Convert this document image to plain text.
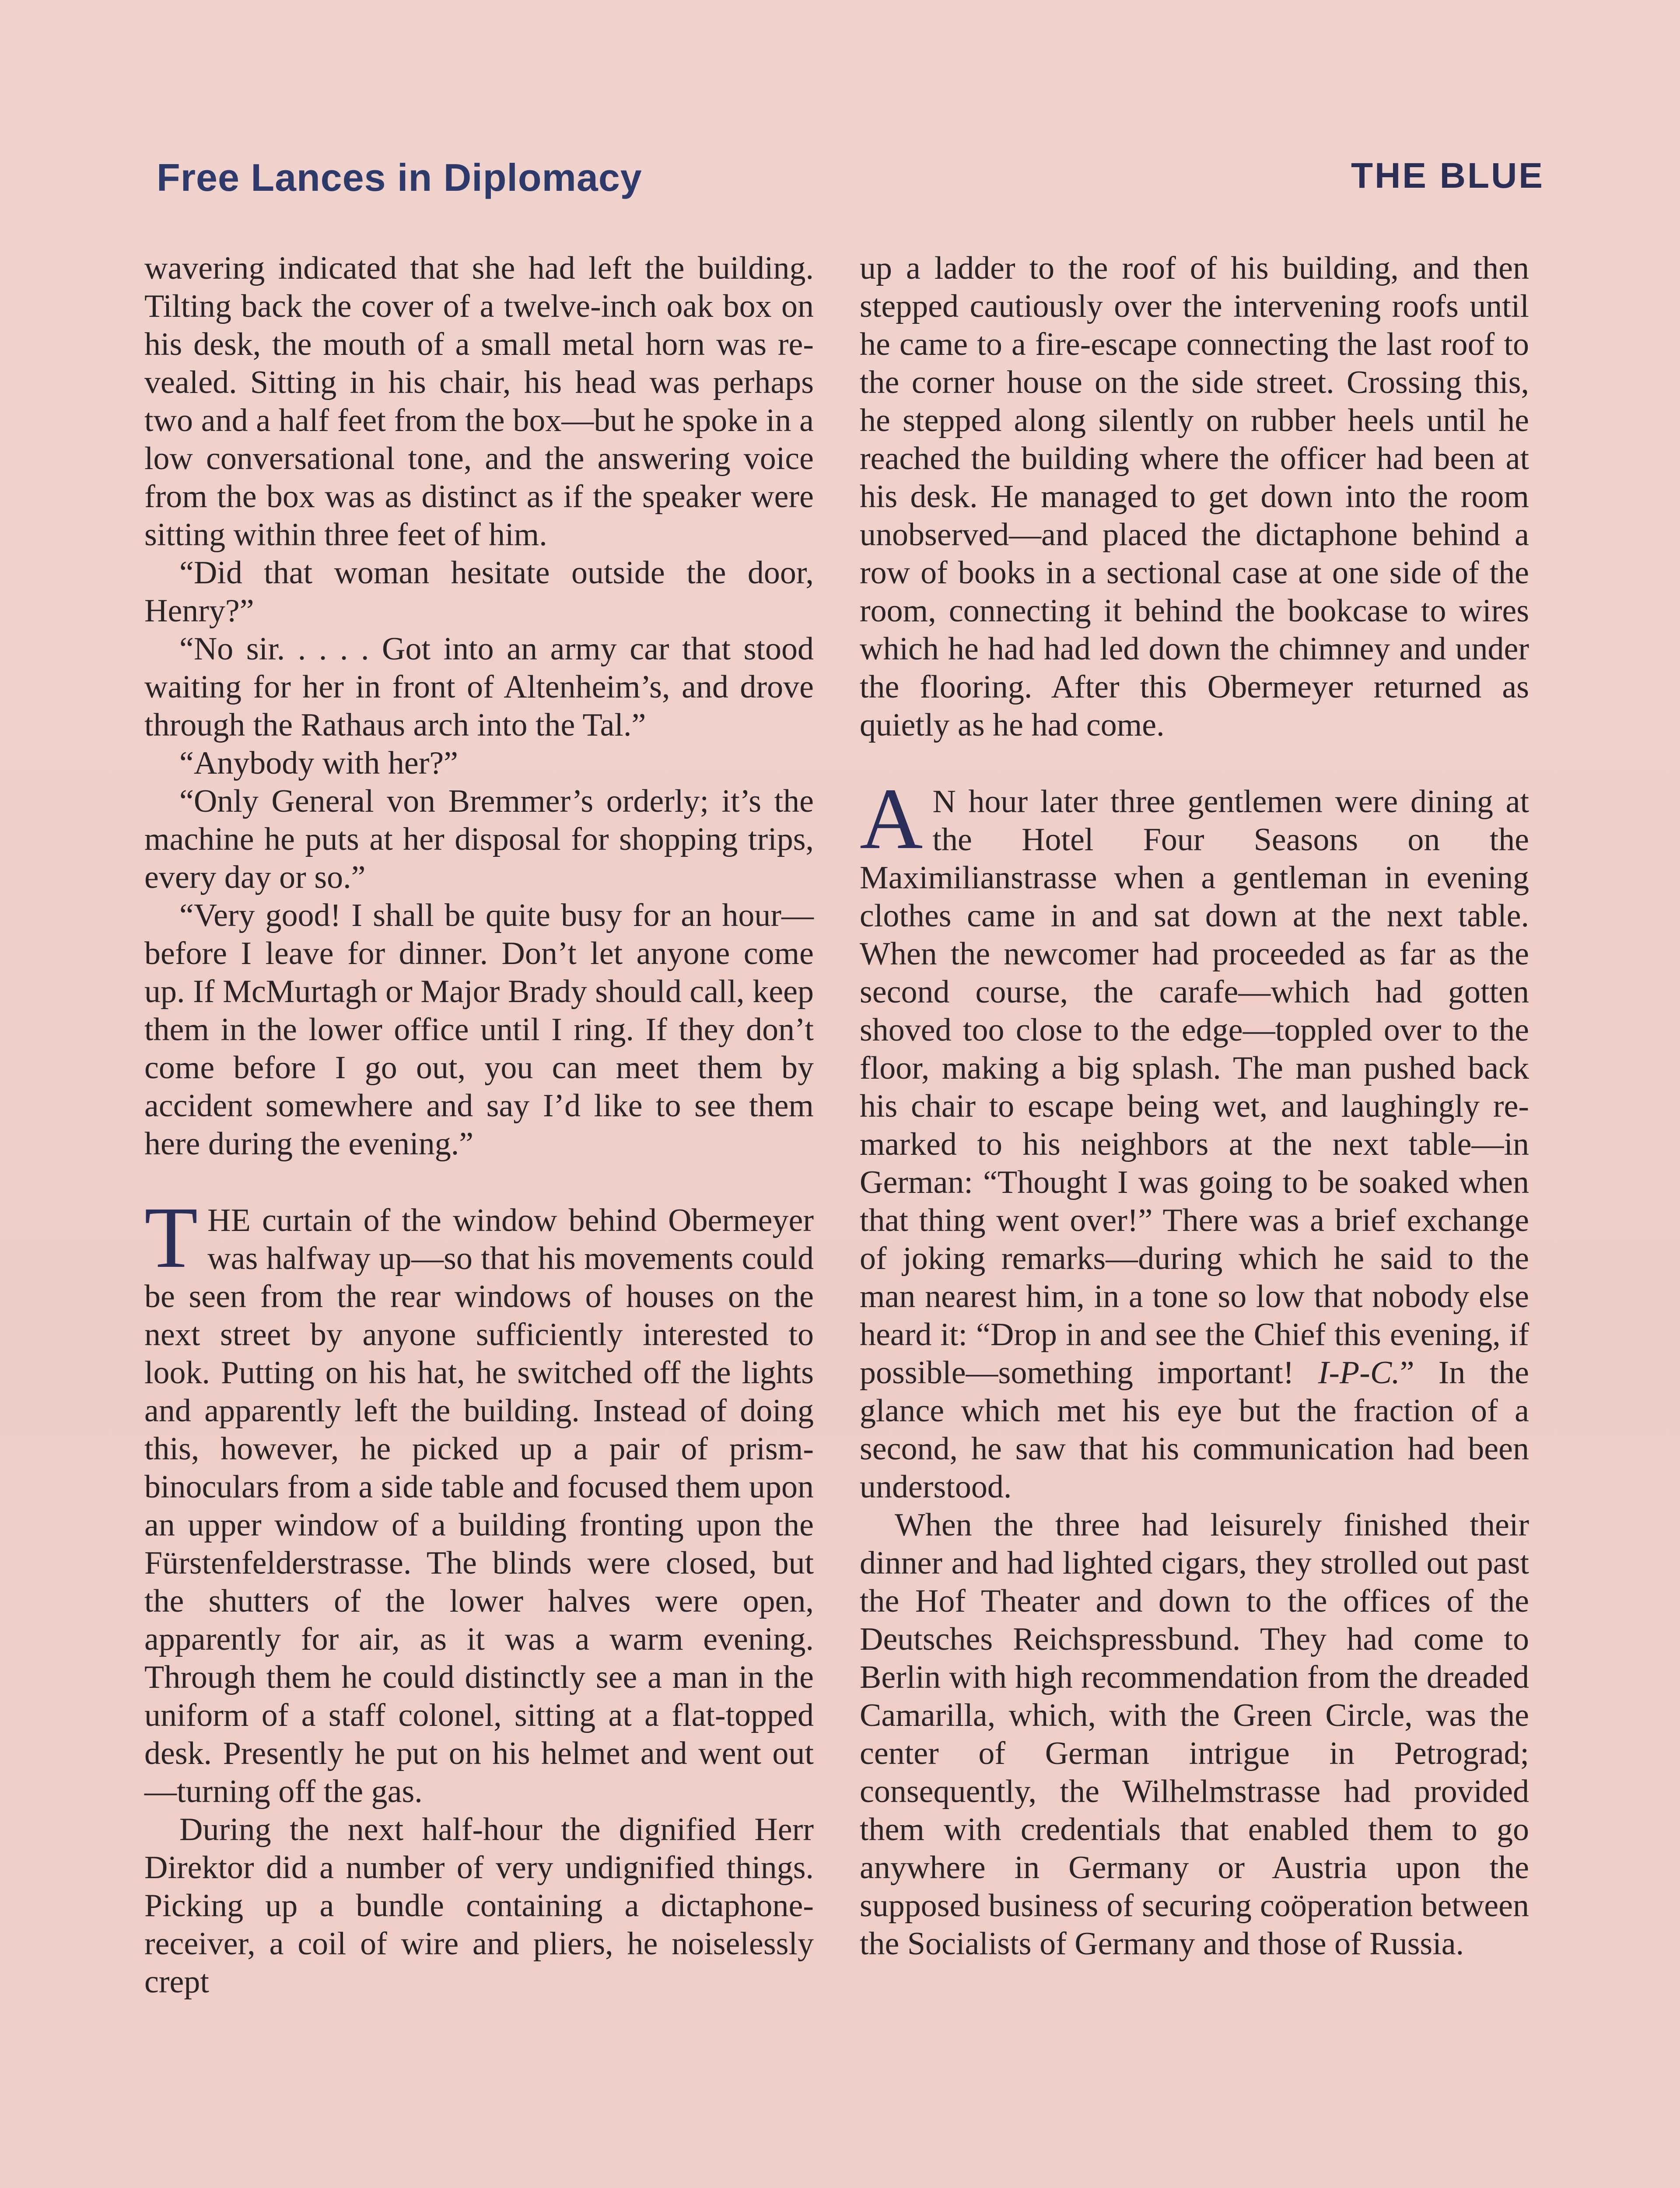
Free Lances in Diplomacy	THE BLUE

wavering indicated that she had left the building. Tilting back the cover of a twelve-inch oak box on his desk, the mouth of a small metal horn was revealed. Sitting in his chair, his head was perhaps two and a half feet from the box—but he spoke in a low conversational tone, and the answering voice from the box was as distinct as if the speaker were sitting within three feet of him.

“Did that woman hesitate outside the door, Henry?”

“No sir. . . . . Got into an army car that stood waiting for her in front of Altenheim’s, and drove through the Rathaus arch into the Tal.”

“Anybody with her?”

“Only General von Bremmer’s orderly; it’s the machine he puts at her disposal for shopping trips, every day or so.”

“Very good! I shall be quite busy for an hour—before I leave for dinner. Don’t let anyone come up. If McMurtagh or Major Brady should call, keep them in the lower office until I ring. If they don’t come before I go out, you can meet them by accident somewhere and say I’d like to see them here during the evening.”

THE curtain of the window behind Obermeyer was halfway up—so that his movements could be seen from the rear windows of houses on the next street by anyone sufficiently interested to look. Putting on his hat, he switched off the lights and apparently left the building. Instead of doing this, however, he picked up a pair of prism-binoculars from a side table and focused them upon an upper window of a building fronting upon the Fürstenfelderstrasse. The blinds were closed, but the shutters of the lower halves were open, apparently for air, as it was a warm evening. Through them he could distinctly see a man in the uniform of a staff colonel, sitting at a flat-topped desk. Presently he put on his helmet and went out—turning off the gas.

During the next half-hour the dignified Herr Direktor did a number of very undignified things. Picking up a bundle containing a dictaphone-receiver, a coil of wire and pliers, he noiselessly crept

up a ladder to the roof of his building, and then stepped cautiously over the intervening roofs until he came to a fire-escape connecting the last roof to the corner house on the side street. Crossing this, he stepped along silently on rubber heels until he reached the building where the officer had been at his desk. He managed to get down into the room unobserved—and placed the dictaphone behind a row of books in a sectional case at one side of the room, connecting it behind the bookcase to wires which he had had led down the chimney and under the flooring. After this Obermeyer returned as quietly as he had come.

A N hour later three gentlemen were dining at the Hotel Four Seasons on the Maximilianstrasse when a gentleman in evening clothes came in and sat down at the next table. When the newcomer had proceeded as far as the second course, the carafe—which had gotten shoved too close to the edge—toppled over to the floor, making a big splash. The man pushed back his chair to escape being wet, and laughingly remarked to his neighbors at the next table—in German: “Thought I was going to be soaked when that thing went over!” There was a brief exchange of joking remarks—during which he said to the man nearest him, in a tone so low that nobody else heard it: “Drop in and see the Chief this evening, if possible—something important! I-P-C.” In the glance which met his eye but the fraction of a second, he saw that his communication had been understood.

When the three had leisurely finished their dinner and had lighted cigars, they strolled out past the Hof Theater and down to the offices of the Deutsches Reichspressbund. They had come to Berlin with high recommendation from the dreaded Camarilla, which, with the Green Circle, was the center of German intrigue in Petrograd; consequently, the Wilhelmstrasse had provided them with credentials that enabled them to go anywhere in Germany or Austria upon the supposed business of securing coöperation between the Socialists of Germany and those of Russia.
